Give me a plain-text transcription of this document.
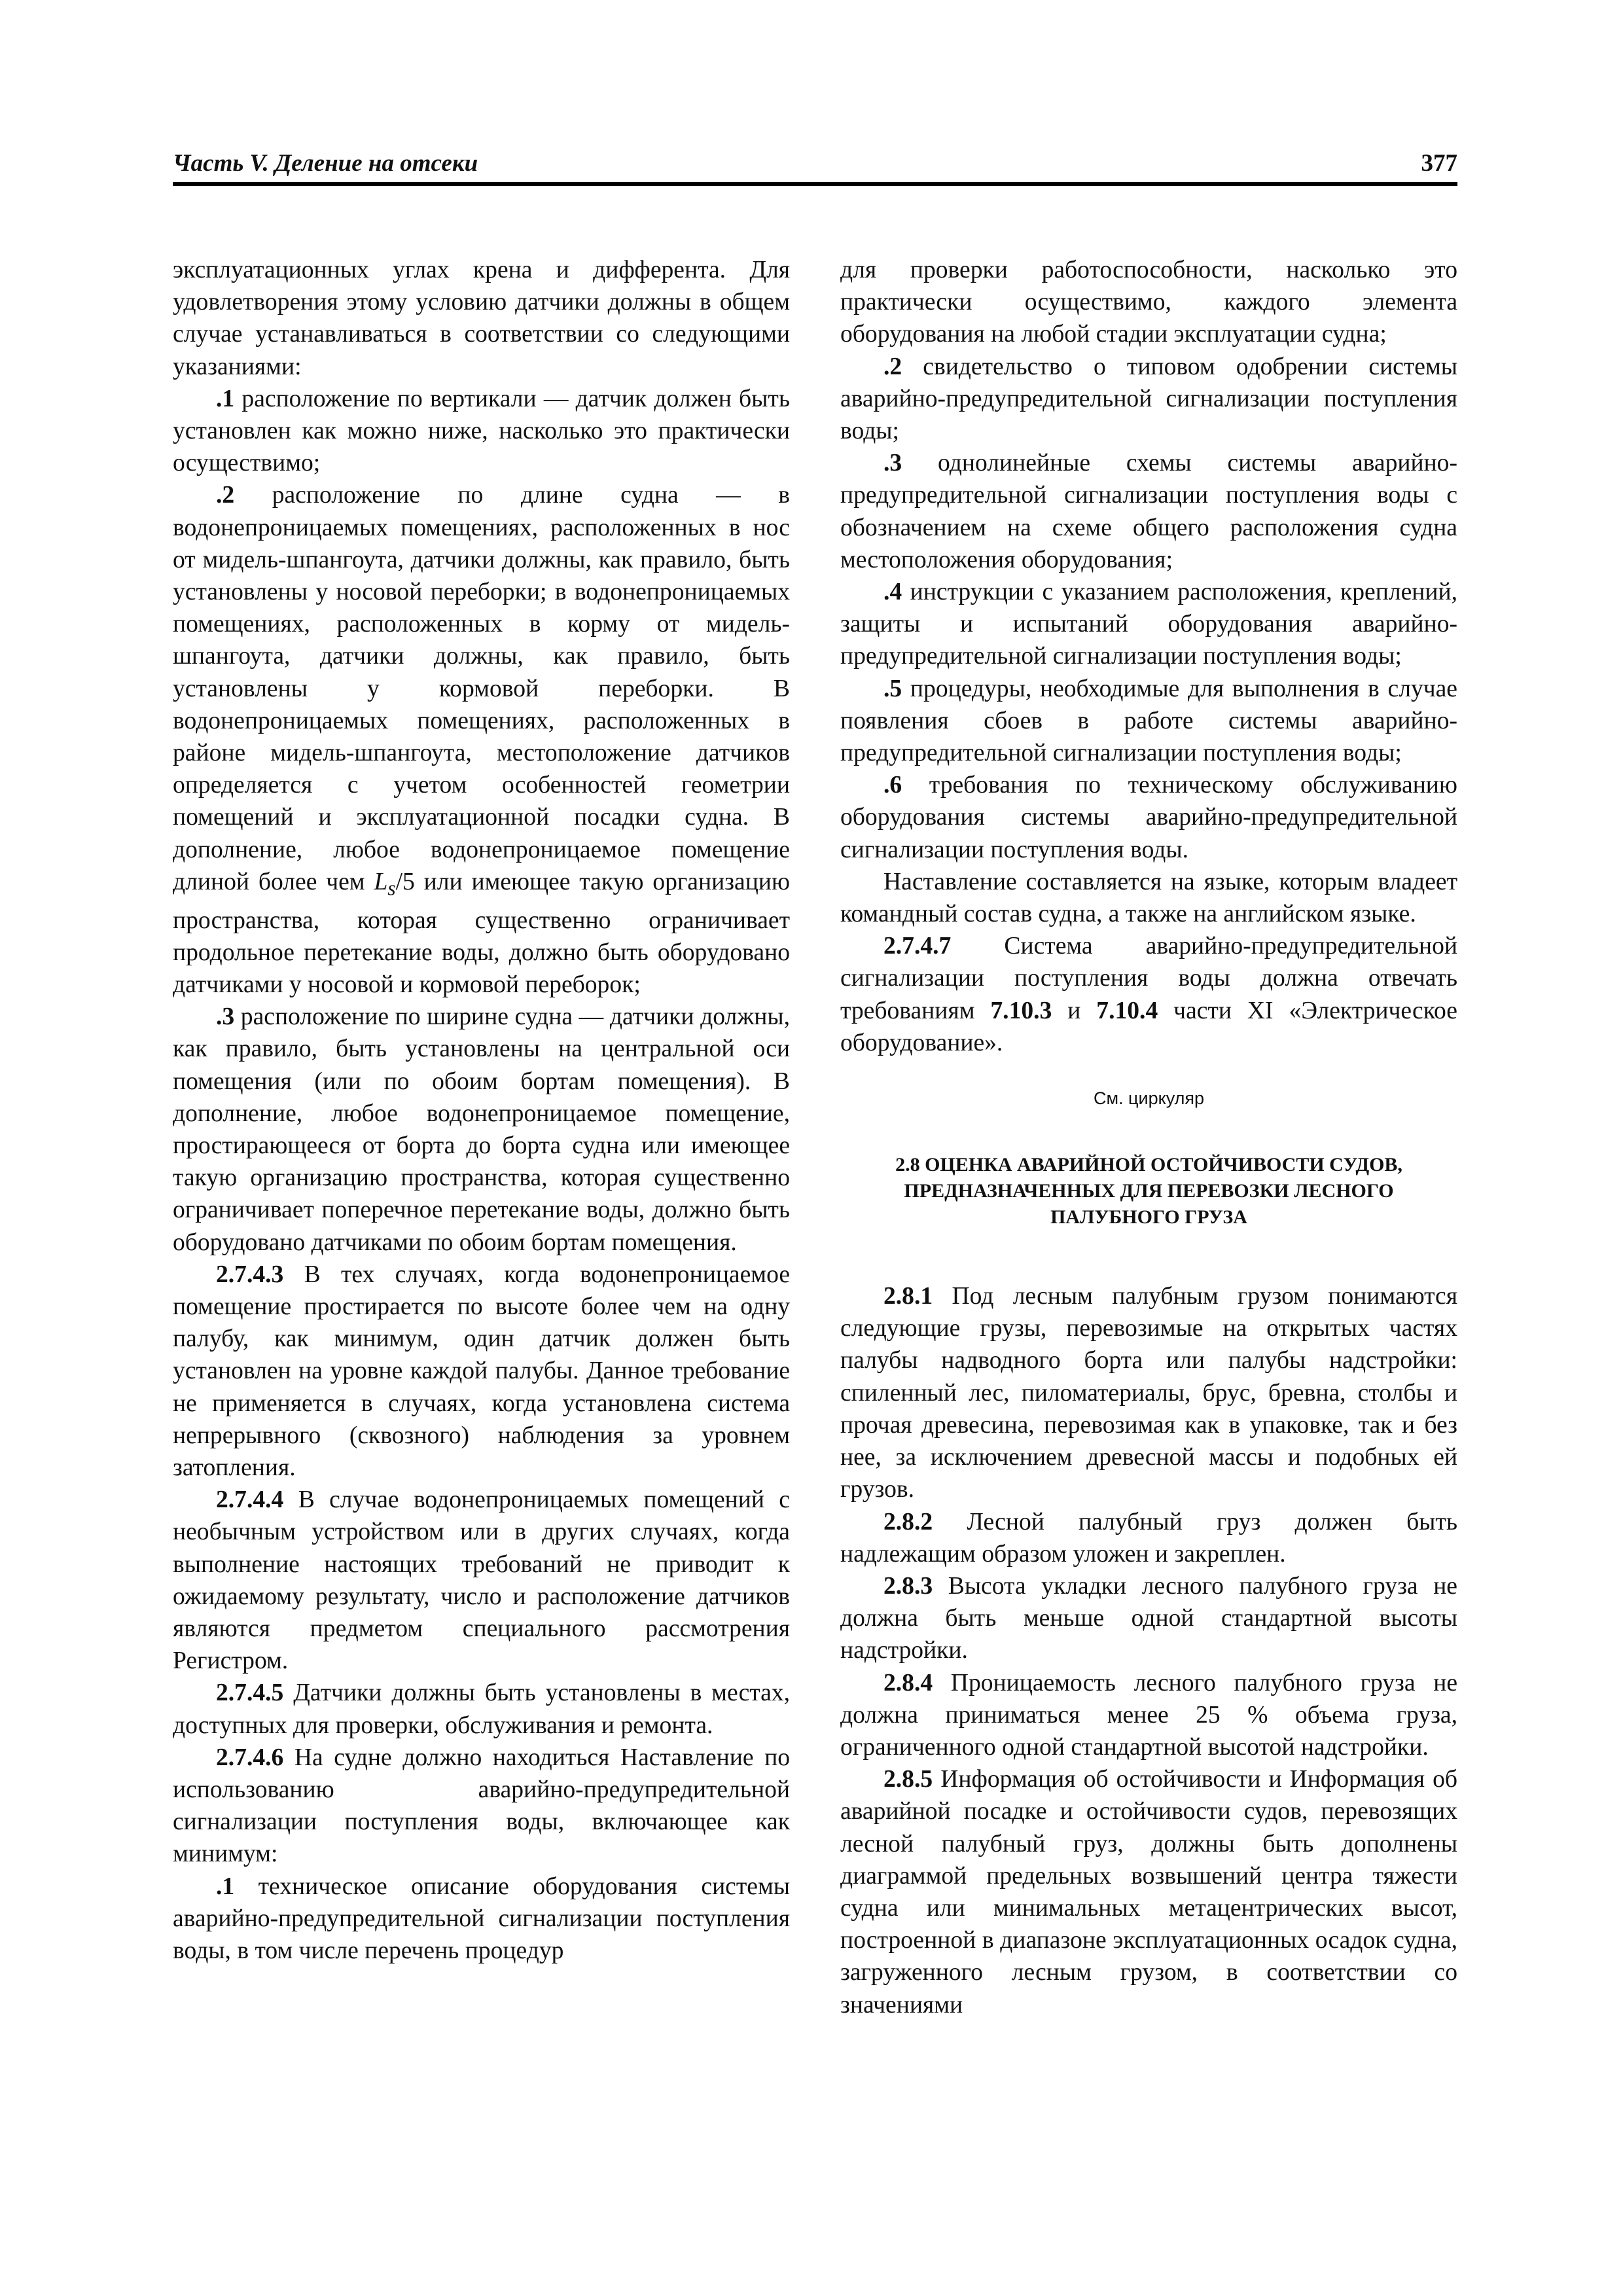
Часть V. Деление на отсеки	377

эксплуатационных углах крена и дифферента. Для удовлетворения этому условию датчики должны в общем случае устанавливаться в соответствии со следующими указаниями:

.1 расположение по вертикали — датчик должен быть установлен как можно ниже, насколько это практически осуществимо;

.2 расположение по длине судна — в водонепроницаемых помещениях, расположенных в нос от мидель-шпангоута, датчики должны, как правило, быть установлены у носовой переборки; в водонепроницаемых помещениях, расположенных в корму от мидель-шпангоута, датчики должны, как правило, быть установлены у кормовой переборки. В водонепроницаемых помещениях, расположенных в районе мидель-шпангоута, местоположение датчиков определяется с учетом особенностей геометрии помещений и эксплуатационной посадки судна. В дополнение, любое водонепроницаемое помещение длиной более чем $L_s/5$ или имеющее такую организацию пространства, которая существенно ограничивает продольное перетекание воды, должно быть оборудовано датчиками у носовой и кормовой переборок;

.3 расположение по ширине судна — датчики должны, как правило, быть установлены на центральной оси помещения (или по обоим бортам помещения). В дополнение, любое водонепроницаемое помещение, простирающееся от борта до борта судна или имеющее такую организацию пространства, которая существенно ограничивает поперечное перетекание воды, должно быть оборудовано датчиками по обоим бортам помещения.

2.7.4.3 В тех случаях, когда водонепроницаемое помещение простирается по высоте более чем на одну палубу, как минимум, один датчик должен быть установлен на уровне каждой палубы. Данное требование не применяется в случаях, когда установлена система непрерывного (сквозного) наблюдения за уровнем затопления.

2.7.4.4 В случае водонепроницаемых помещений с необычным устройством или в других случаях, когда выполнение настоящих требований не приводит к ожидаемому результату, число и расположение датчиков являются предметом специального рассмотрения Регистром.

2.7.4.5 Датчики должны быть установлены в местах, доступных для проверки, обслуживания и ремонта.

2.7.4.6 На судне должно находиться Наставление по использованию аварийно-предупредительной сигнализации поступления воды, включающее как минимум:

.1 техническое описание оборудования системы аварийно-предупредительной сигнализации поступления воды, в том числе перечень процедур

для проверки работоспособности, насколько это практически осуществимо, каждого элемента оборудования на любой стадии эксплуатации судна;

.2 свидетельство о типовом одобрении системы аварийно-предупредительной сигнализации поступления воды;

.3 однолинейные схемы системы аварийно-предупредительной сигнализации поступления воды с обозначением на схеме общего расположения судна местоположения оборудования;

.4 инструкции с указанием расположения, креплений, защиты и испытаний оборудования аварийно-предупредительной сигнализации поступления воды;

.5 процедуры, необходимые для выполнения в случае появления сбоев в работе системы аварийно-предупредительной сигнализации поступления воды;

.6 требования по техническому обслуживанию оборудования системы аварийно-предупредительной сигнализации поступления воды.

Наставление составляется на языке, которым владеет командный состав судна, а также на английском языке.

2.7.4.7 Система аварийно-предупредительной сигнализации поступления воды должна отвечать требованиям 7.10.3 и 7.10.4 части XI «Электрическое оборудование».

См. циркуляр
2.8 ОЦЕНКА АВАРИЙНОЙ ОСТОЙЧИВОСТИ СУДОВ, ПРЕДНАЗНАЧЕННЫХ ДЛЯ ПЕРЕВОЗКИ ЛЕСНОГО ПАЛУБНОГО ГРУЗА

2.8.1 Под лесным палубным грузом понимаются следующие грузы, перевозимые на открытых частях палубы надводного борта или палубы надстройки: спиленный лес, пиломатериалы, брус, бревна, столбы и прочая древесина, перевозимая как в упаковке, так и без нее, за исключением древесной массы и подобных ей грузов.

2.8.2 Лесной палубный груз должен быть надлежащим образом уложен и закреплен.

2.8.3 Высота укладки лесного палубного груза не должна быть меньше одной стандартной высоты надстройки.

2.8.4 Проницаемость лесного палубного груза не должна приниматься менее 25 % объема груза, ограниченного одной стандартной высотой надстройки.

2.8.5 Информация об остойчивости и Информация об аварийной посадке и остойчивости судов, перевозящих лесной палубный груз, должны быть дополнены диаграммой предельных возвышений центра тяжести судна или минимальных метацентрических высот, построенной в диапазоне эксплуатационных осадок судна, загруженного лесным грузом, в соответствии со значениями
